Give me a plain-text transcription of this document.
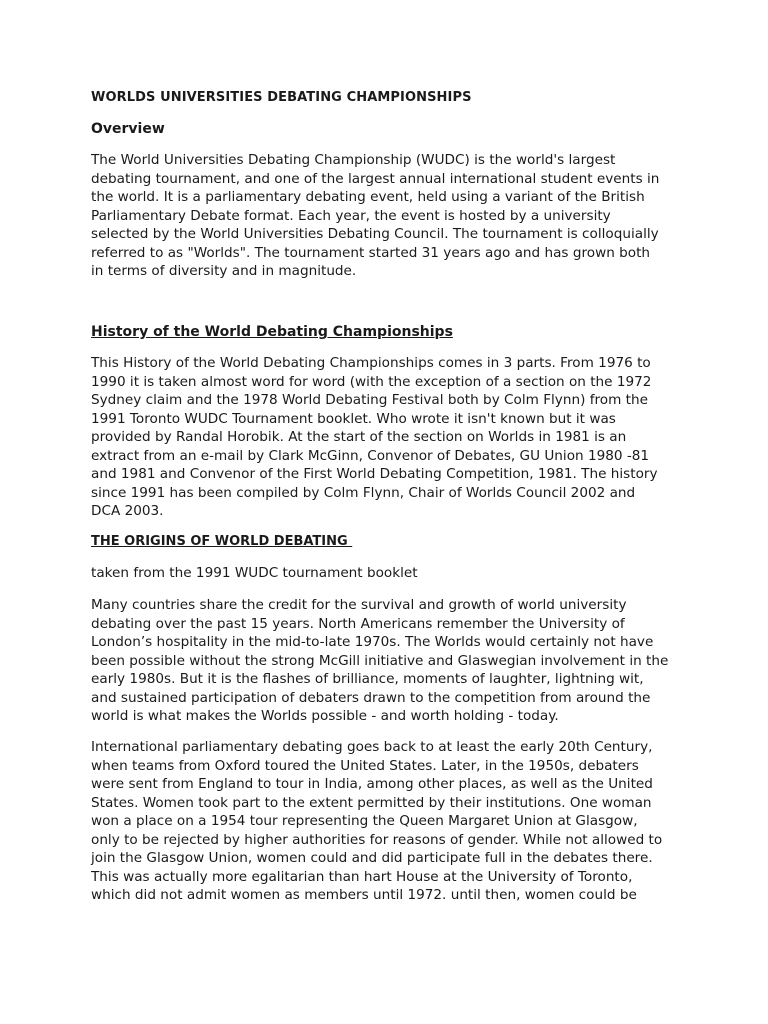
WORLDS UNIVERSITIES DEBATING CHAMPIONSHIPS
Overview
The World Universities Debating Championship (WUDC) is the world's largest
debating tournament, and one of the largest annual international student events in
the world. It is a parliamentary debating event, held using a variant of the British
Parliamentary Debate format. Each year, the event is hosted by a university
selected by the World Universities Debating Council. The tournament is colloquially
referred to as "Worlds". The tournament started 31 years ago and has grown both
in terms of diversity and in magnitude.
History of the World Debating Championships
This History of the World Debating Championships comes in 3 parts. From 1976 to
1990 it is taken almost word for word (with the exception of a section on the 1972
Sydney claim and the 1978 World Debating Festival both by Colm Flynn) from the
1991 Toronto WUDC Tournament booklet. Who wrote it isn't known but it was
provided by Randal Horobik. At the start of the section on Worlds in 1981 is an
extract from an e-mail by Clark McGinn, Convenor of Debates, GU Union 1980 -81
and 1981 and Convenor of the First World Debating Competition, 1981. The history
since 1991 has been compiled by Colm Flynn, Chair of Worlds Council 2002 and
DCA 2003.
THE ORIGINS OF WORLD DEBATING
taken from the 1991 WUDC tournament booklet
Many countries share the credit for the survival and growth of world university
debating over the past 15 years. North Americans remember the University of
London’s hospitality in the mid-to-late 1970s. The Worlds would certainly not have
been possible without the strong McGill initiative and Glaswegian involvement in the
early 1980s. But it is the flashes of brilliance, moments of laughter, lightning wit,
and sustained participation of debaters drawn to the competition from around the
world is what makes the Worlds possible - and worth holding - today.
International parliamentary debating goes back to at least the early 20th Century,
when teams from Oxford toured the United States. Later, in the 1950s, debaters
were sent from England to tour in India, among other places, as well as the United
States. Women took part to the extent permitted by their institutions. One woman
won a place on a 1954 tour representing the Queen Margaret Union at Glasgow,
only to be rejected by higher authorities for reasons of gender. While not allowed to
join the Glasgow Union, women could and did participate full in the debates there.
This was actually more egalitarian than hart House at the University of Toronto,
which did not admit women as members until 1972. until then, women could be
